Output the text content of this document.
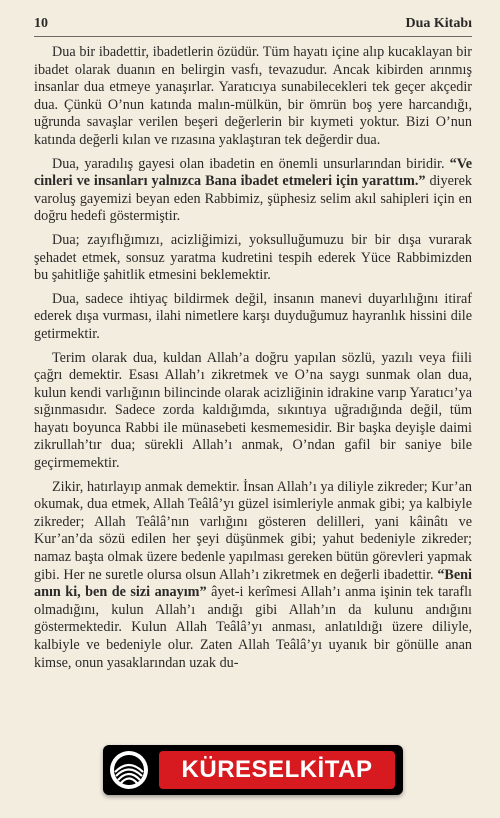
10	Dua Kitabı

Dua bir ibadettir, ibadetlerin özüdür. Tüm hayatı içine alıp kucaklayan bir ibadet olarak duanın en belirgin vasfı, tevazudur. Ancak kibirden arınmış insanlar dua etmeye yanaşırlar. Yaratıcıya sunabilecekleri tek geçer akçedir dua. Çünkü O’nun katında malın-mülkün, bir ömrün boş yere harcandığı, uğrunda savaşlar verilen beşeri değerlerin bir kıymeti yoktur. Bizi O’nun katında değerli kılan ve rızasına yaklaştıran tek değerdir dua.

Dua, yaradılış gayesi olan ibadetin en önemli unsurlarından biridir. “Ve cinleri ve insanları yalnızca Bana ibadet etmeleri için yarattım.” diyerek varoluş gayemizi beyan eden Rabbimiz, şüphesiz selim akıl sahipleri için en doğru hedefi göstermiştir.

Dua; zayıflığımızı, acizliğimizi, yoksulluğumuzu bir bir dışa vurarak şehadet etmek, sonsuz yaratma kudretini tespih ederek Yüce Rabbimizden bu şahitliğe şahitlik etmesini beklemektir.

Dua, sadece ihtiyaç bildirmek değil, insanın manevi duyarlılığını itiraf ederek dışa vurması, ilahi nimetlere karşı duyduğumuz hayranlık hissini dile getirmektir.

Terim olarak dua, kuldan Allah’a doğru yapılan sözlü, yazılı veya fiili çağrı demektir. Esası Allah’ı zikretmek ve O’na saygı sunmak olan dua, kulun kendi varlığının bilincinde olarak acizliğinin idrakine varıp Yaratıcı’ya sığınmasıdır. Sadece zorda kaldığımda, sıkıntıya uğradığında değil, tüm hayatı boyunca Rabbi ile münasebeti kesmemesidir. Bir başka deyişle daimi zikrullah’tır dua; sürekli Allah’ı anmak, O’ndan gafil bir saniye bile geçirmemektir.

Zikir, hatırlayıp anmak demektir. İnsan Allah’ı ya diliyle zikreder; Kur’an okumak, dua etmek, Allah Teâlâ’yı güzel isimleriyle anmak gibi; ya kalbiyle zikreder; Allah Teâlâ’nın varlığını gösteren delilleri, yani kâinâtı ve Kur’an’da sözü edilen her şeyi düşünmek gibi; yahut bedeniyle zikreder; namaz başta olmak üzere bedenle yapılması gereken bütün görevleri yapmak gibi. Her ne suretle olursa olsun Allah’ı zikretmek en değerli ibadettir. “Beni anın ki, ben de sizi anayım” âyet-i kerîmesi Allah’ı anma işinin tek taraflı olmadığını, kulun Allah’ı andığı gibi Allah’ın da kulunu andığını göstermektedir. Kulun Allah Teâlâ’yı anması, anlatıldığı üzere diliyle, kalbiyle ve bedeniyle olur. Zaten Allah Teâlâ’yı uyanık bir gönülle anan kimse, onun yasaklarından uzak du-

KÜRESELKİTAP
